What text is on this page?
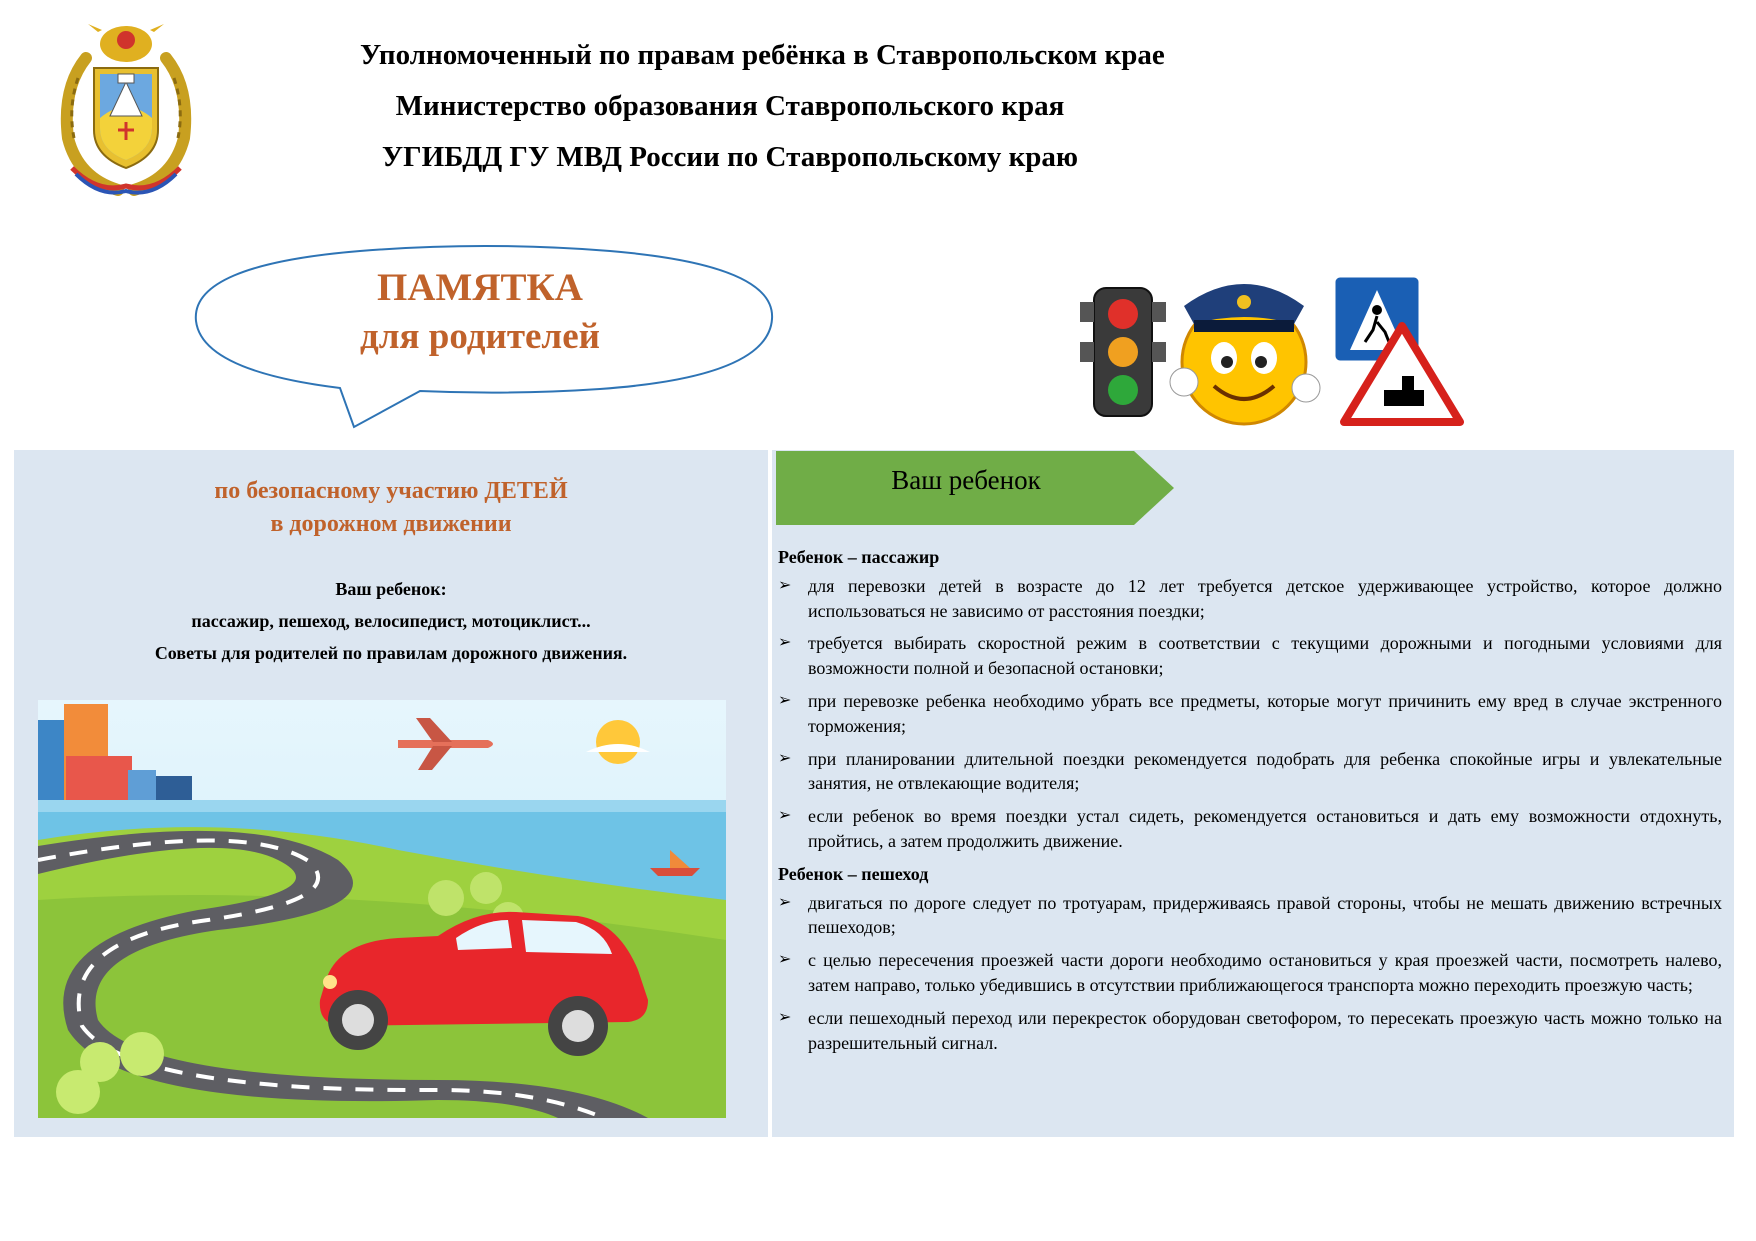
Уполномоченный по правам ребёнка в Ставропольском крае
Министерство образования Ставропольского края
УГИБДД ГУ МВД России по Ставропольскому краю
ПАМЯТКА
для родителей
по безопасному участию ДЕТЕЙ
в дорожном движении
Ваш ребенок:
пассажир, пешеход, велосипедист, мотоциклист...
Советы для родителей по правилам дорожного движения.
Ваш ребенок
Ребенок – пассажир
➢ для перевозки детей в возрасте до 12 лет требуется детское удерживающее устройство, которое должно использоваться не зависимо от расстояния поездки;
➢ требуется выбирать скоростной режим в соответствии с текущими дорожными и погодными условиями для возможности полной и безопасной остановки;
➢ при перевозке ребенка необходимо убрать все предметы, которые могут причинить ему вред в случае экстренного торможения;
➢ при планировании длительной поездки рекомендуется подобрать для ребенка спокойные игры и увлекательные занятия, не отвлекающие водителя;
➢ если ребенок во время поездки устал сидеть, рекомендуется остановиться и дать ему возможности отдохнуть, пройтись, а затем продолжить движение.
Ребенок – пешеход
➢ двигаться по дороге следует по тротуарам, придерживаясь правой стороны, чтобы не мешать движению встречных пешеходов;
➢ с целью пересечения проезжей части дороги необходимо остановиться у края проезжей части, посмотреть налево, затем направо, только убедившись в отсутствии приближающегося транспорта можно переходить проезжую часть;
➢ если пешеходный переход или перекресток оборудован светофором, то пересекать проезжую часть можно только на разрешительный сигнал.
